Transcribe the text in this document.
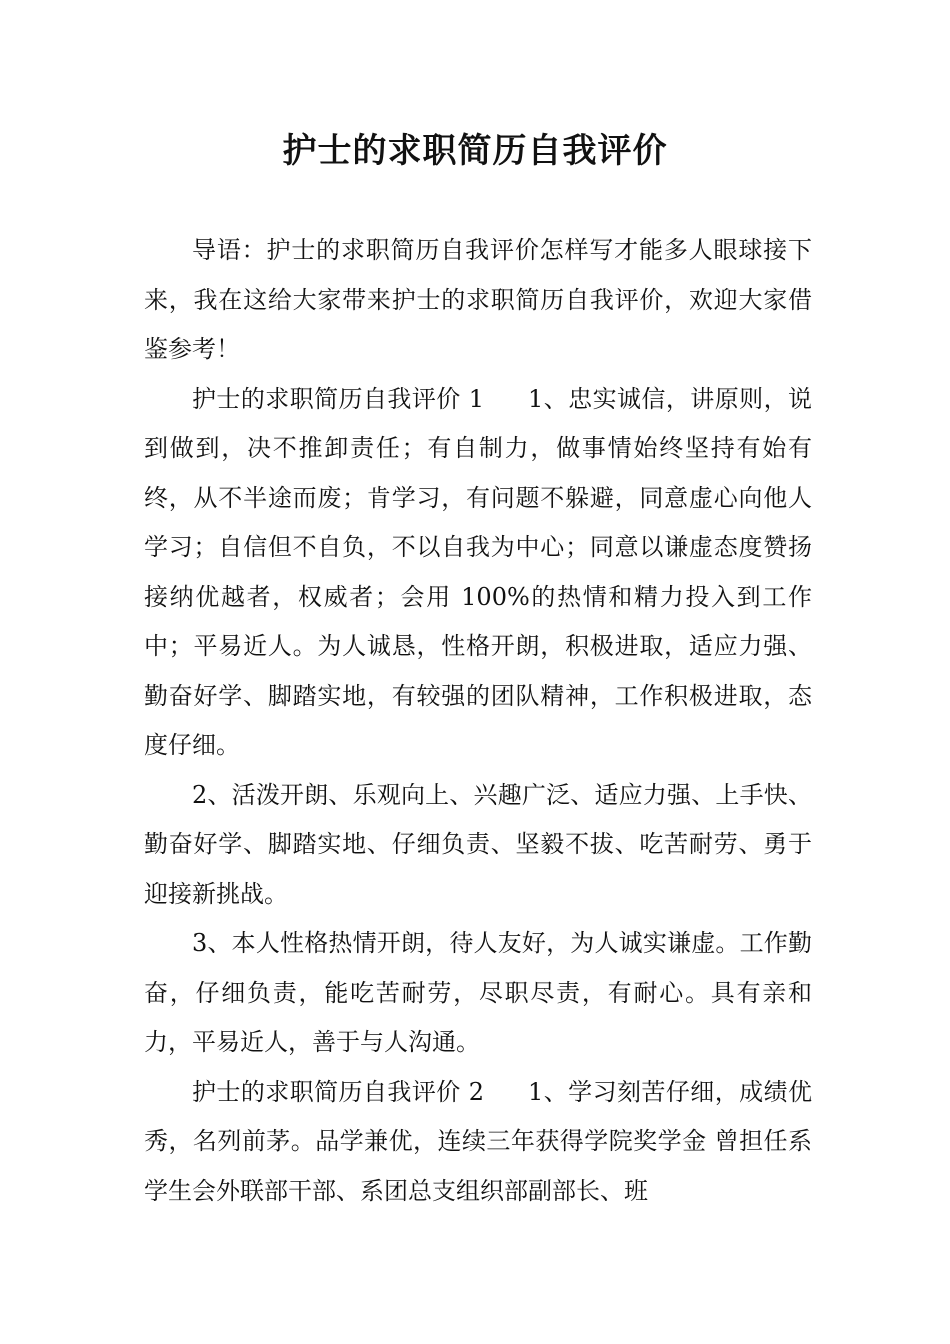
护士的求职简历自我评价

导语：护士的求职简历自我评价怎样写才能多人眼球接下来，我在这给大家带来护士的求职简历自我评价，欢迎大家借鉴参考！

护士的求职简历自我评价 1 1、忠实诚信，讲原则，说到做到，决不推卸责任；有自制力，做事情始终坚持有始有终，从不半途而废；肯学习，有问题不躲避，同意虚心向他人学习；自信但不自负，不以自我为中心；同意以谦虚态度赞扬接纳优越者，权威者；会用 100%的热情和精力投入到工作中；平易近人。为人诚恳，性格开朗，积极进取，适应力强、勤奋好学、脚踏实地，有较强的团队精神，工作积极进取，态度仔细。

2、活泼开朗、乐观向上、兴趣广泛、适应力强、上手快、勤奋好学、脚踏实地、仔细负责、坚毅不拔、吃苦耐劳、勇于迎接新挑战。

3、本人性格热情开朗，待人友好，为人诚实谦虚。工作勤奋，仔细负责，能吃苦耐劳，尽职尽责，有耐心。具有亲和力，平易近人，善于与人沟通。

护士的求职简历自我评价 2 1、学习刻苦仔细，成绩优秀，名列前茅。品学兼优，连续三年获得学院奖学金 曾担任系学生会外联部干部、系团总支组织部副部长、班
